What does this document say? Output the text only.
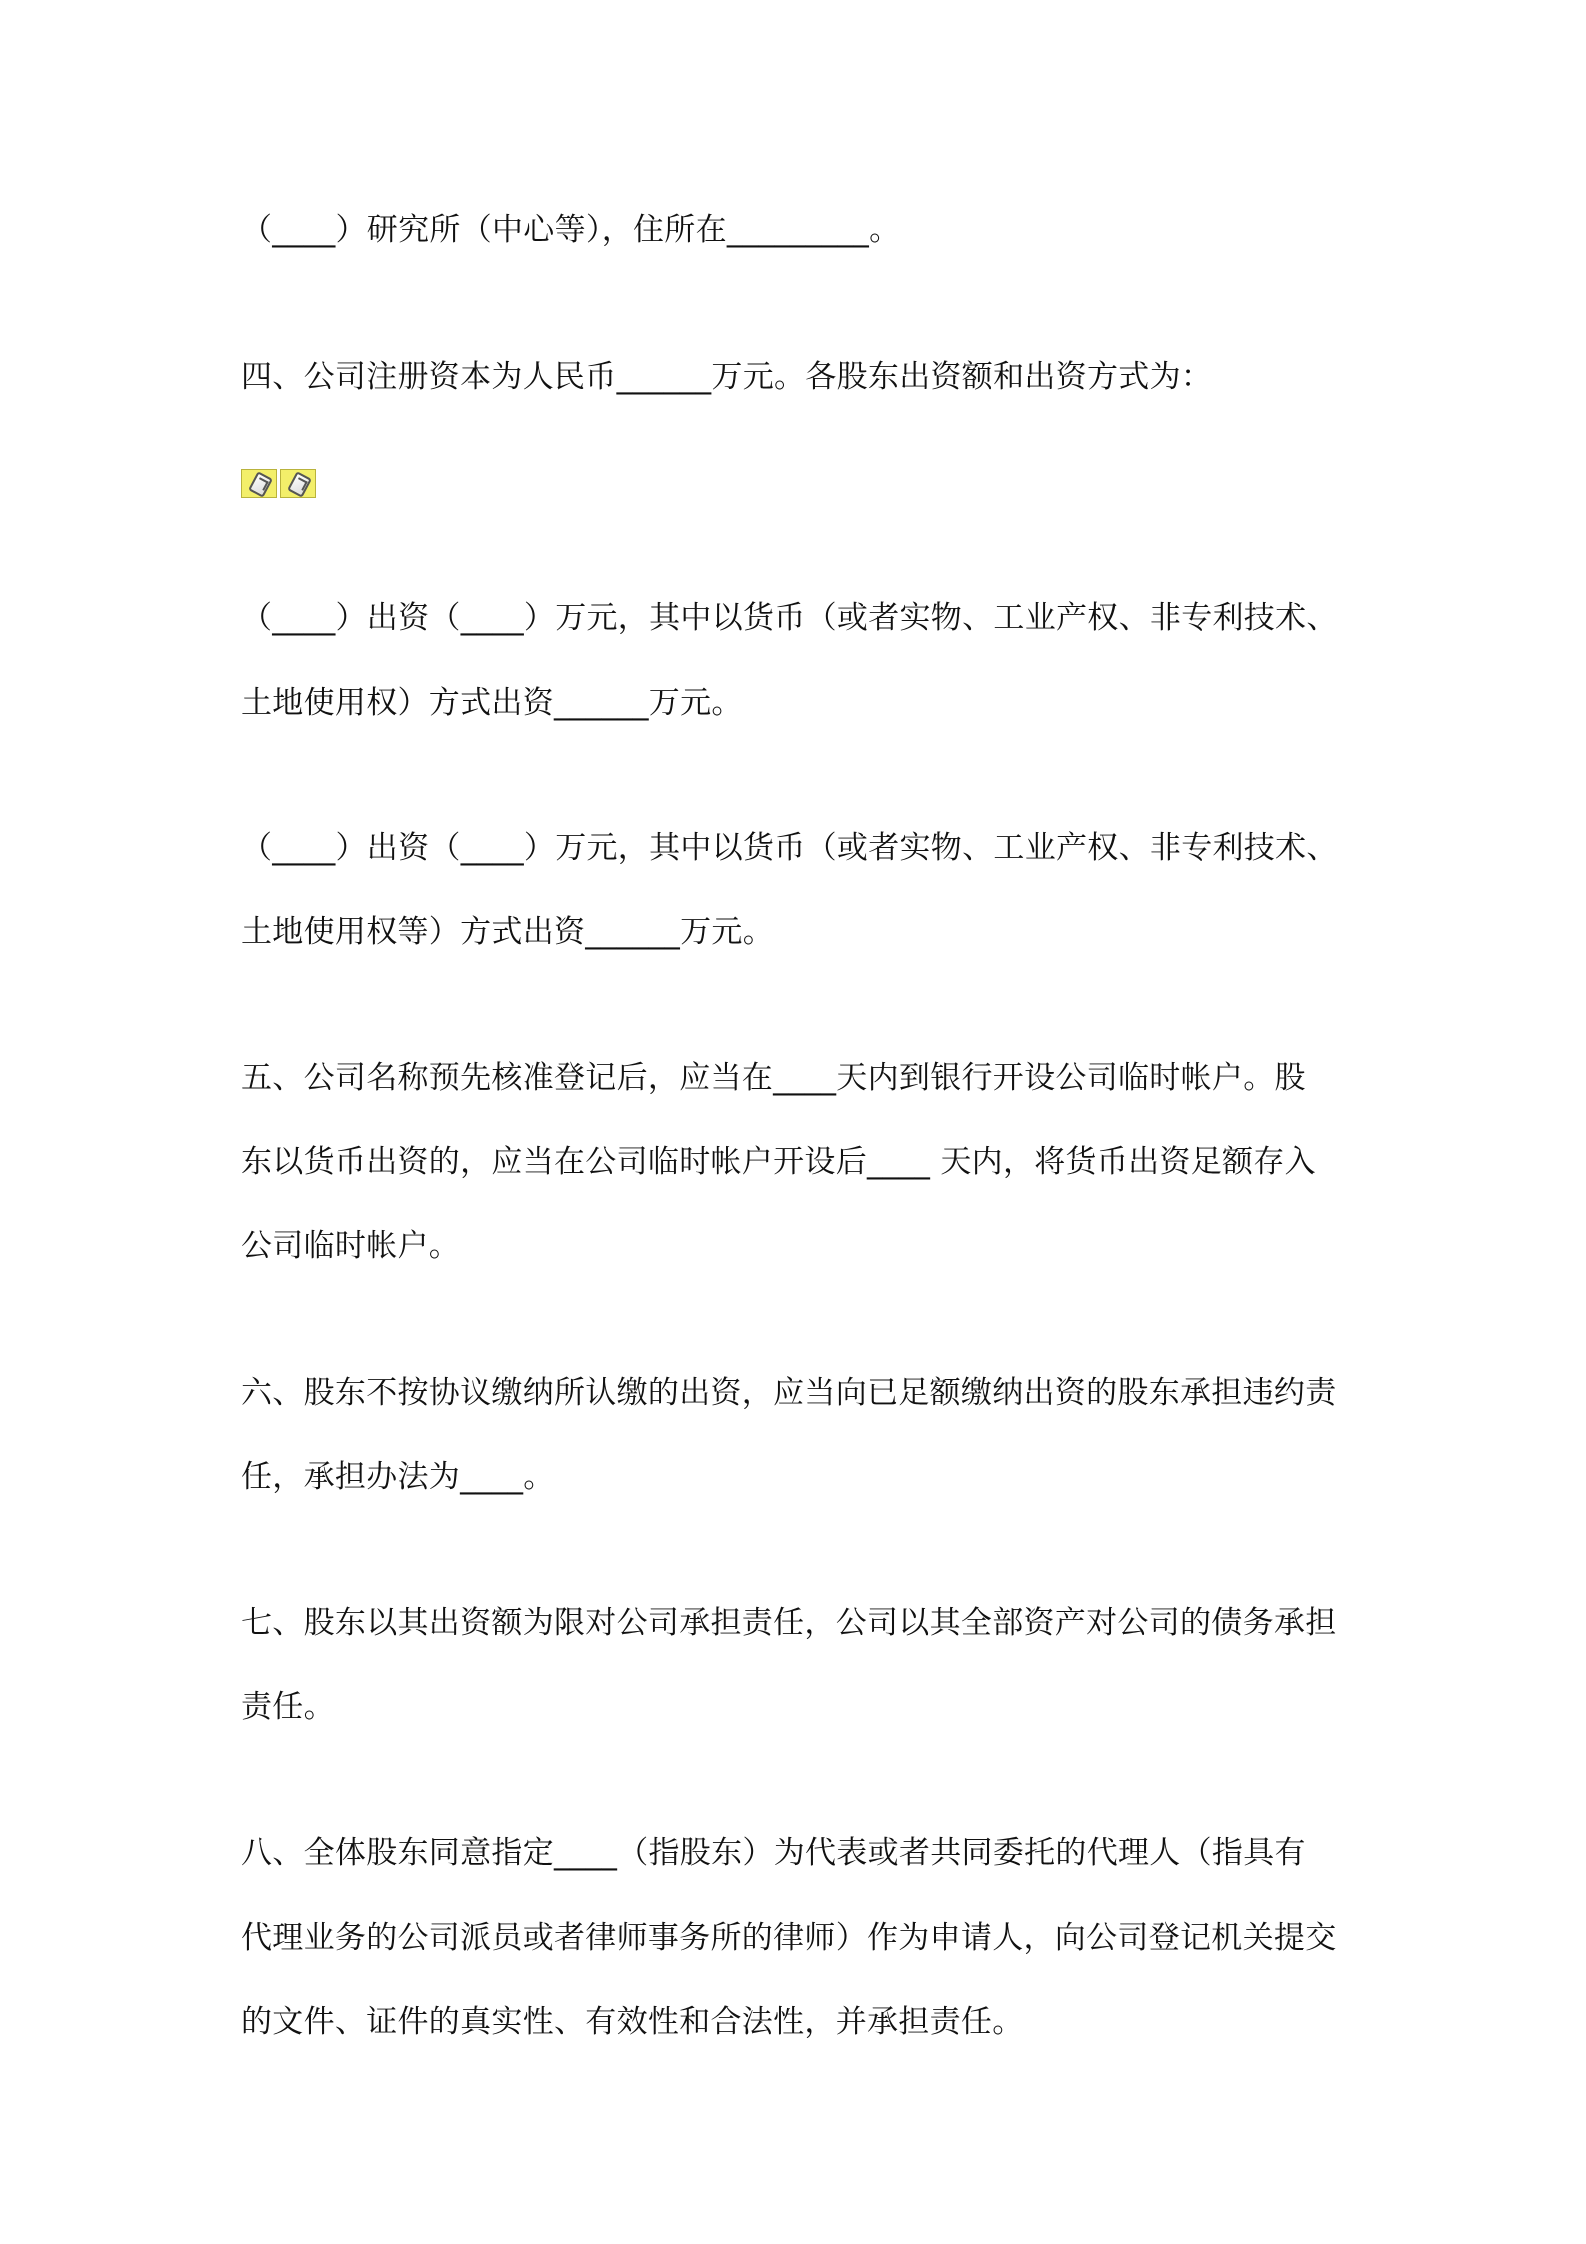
（____）研究所（中心等），住所在_________。
四、公司注册资本为人民币______万元。各股东出资额和出资方式为：
（____）出资（____）万元，其中以货币（或者实物、工业产权、非专利技术、
土地使用权）方式出资______万元。
（____）出资（____）万元，其中以货币（或者实物、工业产权、非专利技术、
土地使用权等）方式出资______万元。
五、公司名称预先核准登记后，应当在____天内到银行开设公司临时帐户。股
东以货币出资的，应当在公司临时帐户开设后____ 天内，将货币出资足额存入
公司临时帐户。
六、股东不按协议缴纳所认缴的出资，应当向已足额缴纳出资的股东承担违约责
任，承担办法为____。
七、股东以其出资额为限对公司承担责任，公司以其全部资产对公司的债务承担
责任。
八、全体股东同意指定____（指股东）为代表或者共同委托的代理人（指具有
代理业务的公司派员或者律师事务所的律师）作为申请人，向公司登记机关提交
的文件、证件的真实性、有效性和合法性，并承担责任。
